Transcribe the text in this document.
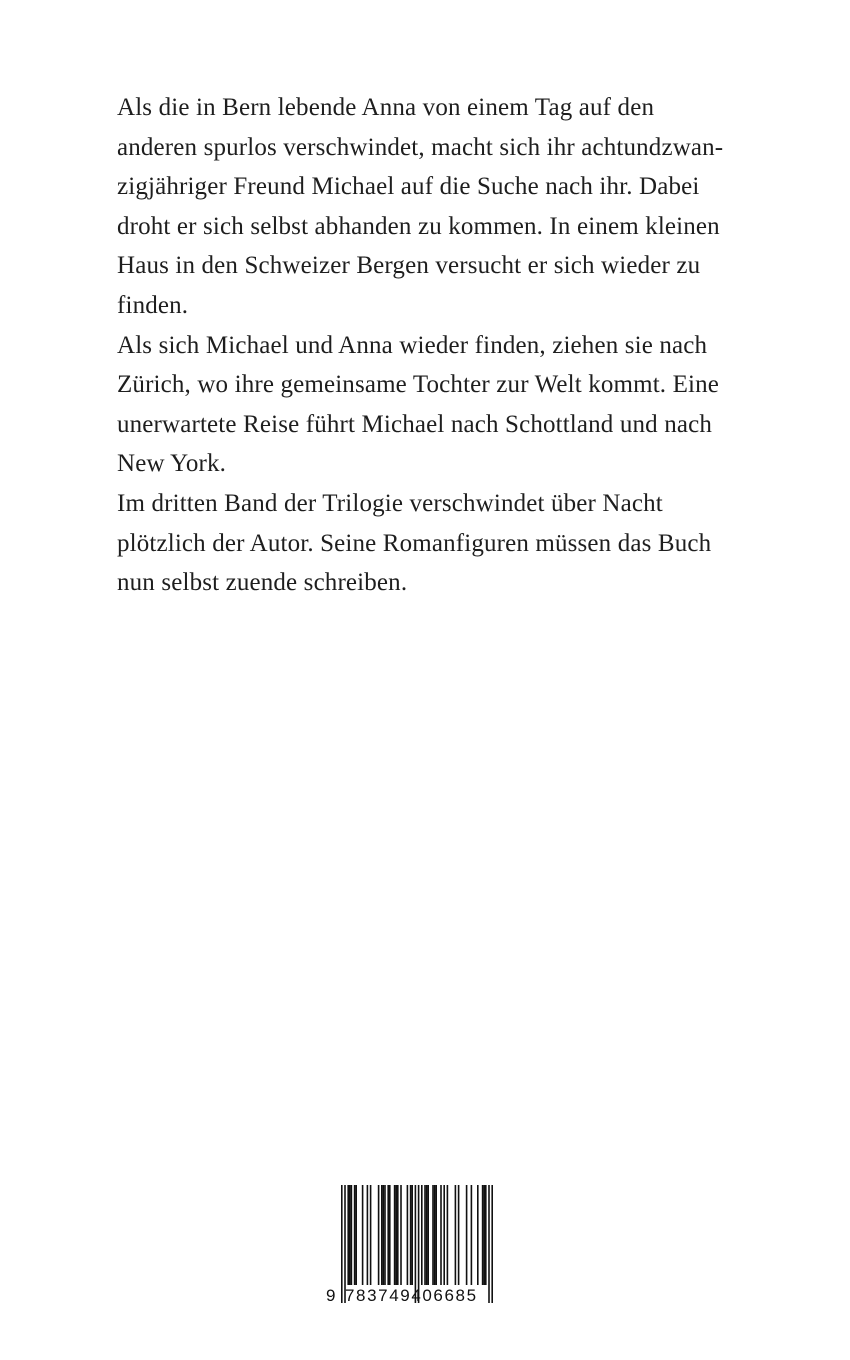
Als die in Bern lebende Anna von einem Tag auf den
anderen spurlos verschwindet, macht sich ihr achtundzwan-
zigjähriger Freund Michael auf die Suche nach ihr. Dabei
droht er sich selbst abhanden zu kommen. In einem kleinen
Haus in den Schweizer Bergen versucht er sich wieder zu
finden.
Als sich Michael und Anna wieder finden, ziehen sie nach
Zürich, wo ihre gemeinsame Tochter zur Welt kommt. Eine
unerwartete Reise führt Michael nach Schottland und nach
New York.
Im dritten Band der Trilogie verschwindet über Nacht
plötzlich der Autor. Seine Romanfiguren müssen das Buch
nun selbst zuende schreiben.
9 783749406685
